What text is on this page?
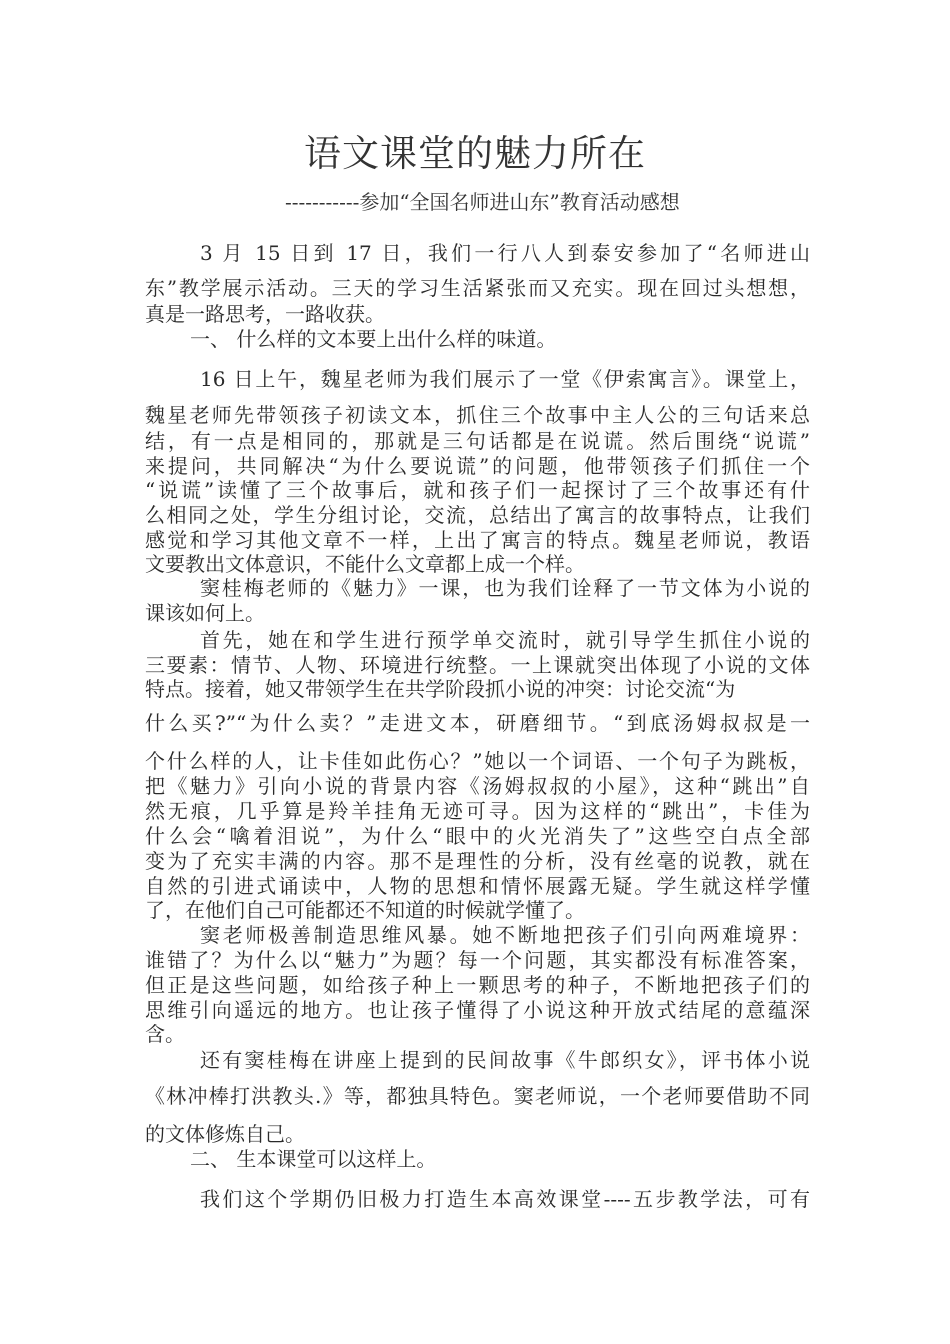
语文课堂的魅力所在
-----------参加“全国名师进山东”教育活动感想
3 月 15 日到 17 日，我们一行八人到泰安参加了“名师进山
东”教学展示活动。三天的学习生活紧张而又充实。现在回过头想想，
真是一路思考，一路收获。
一、 什么样的文本要上出什么样的味道。
16 日上午，魏星老师为我们展示了一堂《伊索寓言》。课堂上，
魏星老师先带领孩子初读文本，抓住三个故事中主人公的三句话来总
结，有一点是相同的，那就是三句话都是在说谎。然后围绕“说谎”
来提问，共同解决“为什么要说谎”的问题，他带领孩子们抓住一个
“说谎”读懂了三个故事后，就和孩子们一起探讨了三个故事还有什
么相同之处，学生分组讨论，交流，总结出了寓言的故事特点，让我们
感觉和学习其他文章不一样，上出了寓言的特点。魏星老师说，教语
文要教出文体意识，不能什么文章都上成一个样。
窦桂梅老师的《魅力》一课，也为我们诠释了一节文体为小说的
课该如何上。
首先，她在和学生进行预学单交流时，就引导学生抓住小说的
三要素：情节、人物、环境进行统整。一上课就突出体现了小说的文体
特点。接着，她又带领学生在共学阶段抓小说的冲突：讨论交流“为
什么买?”“为什么卖？”走进文本，研磨细节。“到底汤姆叔叔是一
个什么样的人，让卡佳如此伤心？”她以一个词语、一个句子为跳板，
把《魅力》引向小说的背景内容《汤姆叔叔的小屋》，这种“跳出”自
然无痕，几乎算是羚羊挂角无迹可寻。因为这样的“跳出”，卡佳为
什么会“噙着泪说”，为什么“眼中的火光消失了”这些空白点全部
变为了充实丰满的内容。那不是理性的分析，没有丝毫的说教，就在
自然的引进式诵读中，人物的思想和情怀展露无疑。学生就这样学懂
了，在他们自己可能都还不知道的时候就学懂了。
窦老师极善制造思维风暴。她不断地把孩子们引向两难境界：
谁错了？为什么以“魅力”为题？每一个问题，其实都没有标准答案，
但正是这些问题，如给孩子种上一颗思考的种子，不断地把孩子们的
思维引向遥远的地方。也让孩子懂得了小说这种开放式结尾的意蕴深
含。
还有窦桂梅在讲座上提到的民间故事《牛郎织女》，评书体小说
《林冲棒打洪教头.》等，都独具特色。窦老师说，一个老师要借助不同
的文体修炼自己。
二、 生本课堂可以这样上。
我们这个学期仍旧极力打造生本高效课堂----五步教学法，可有
